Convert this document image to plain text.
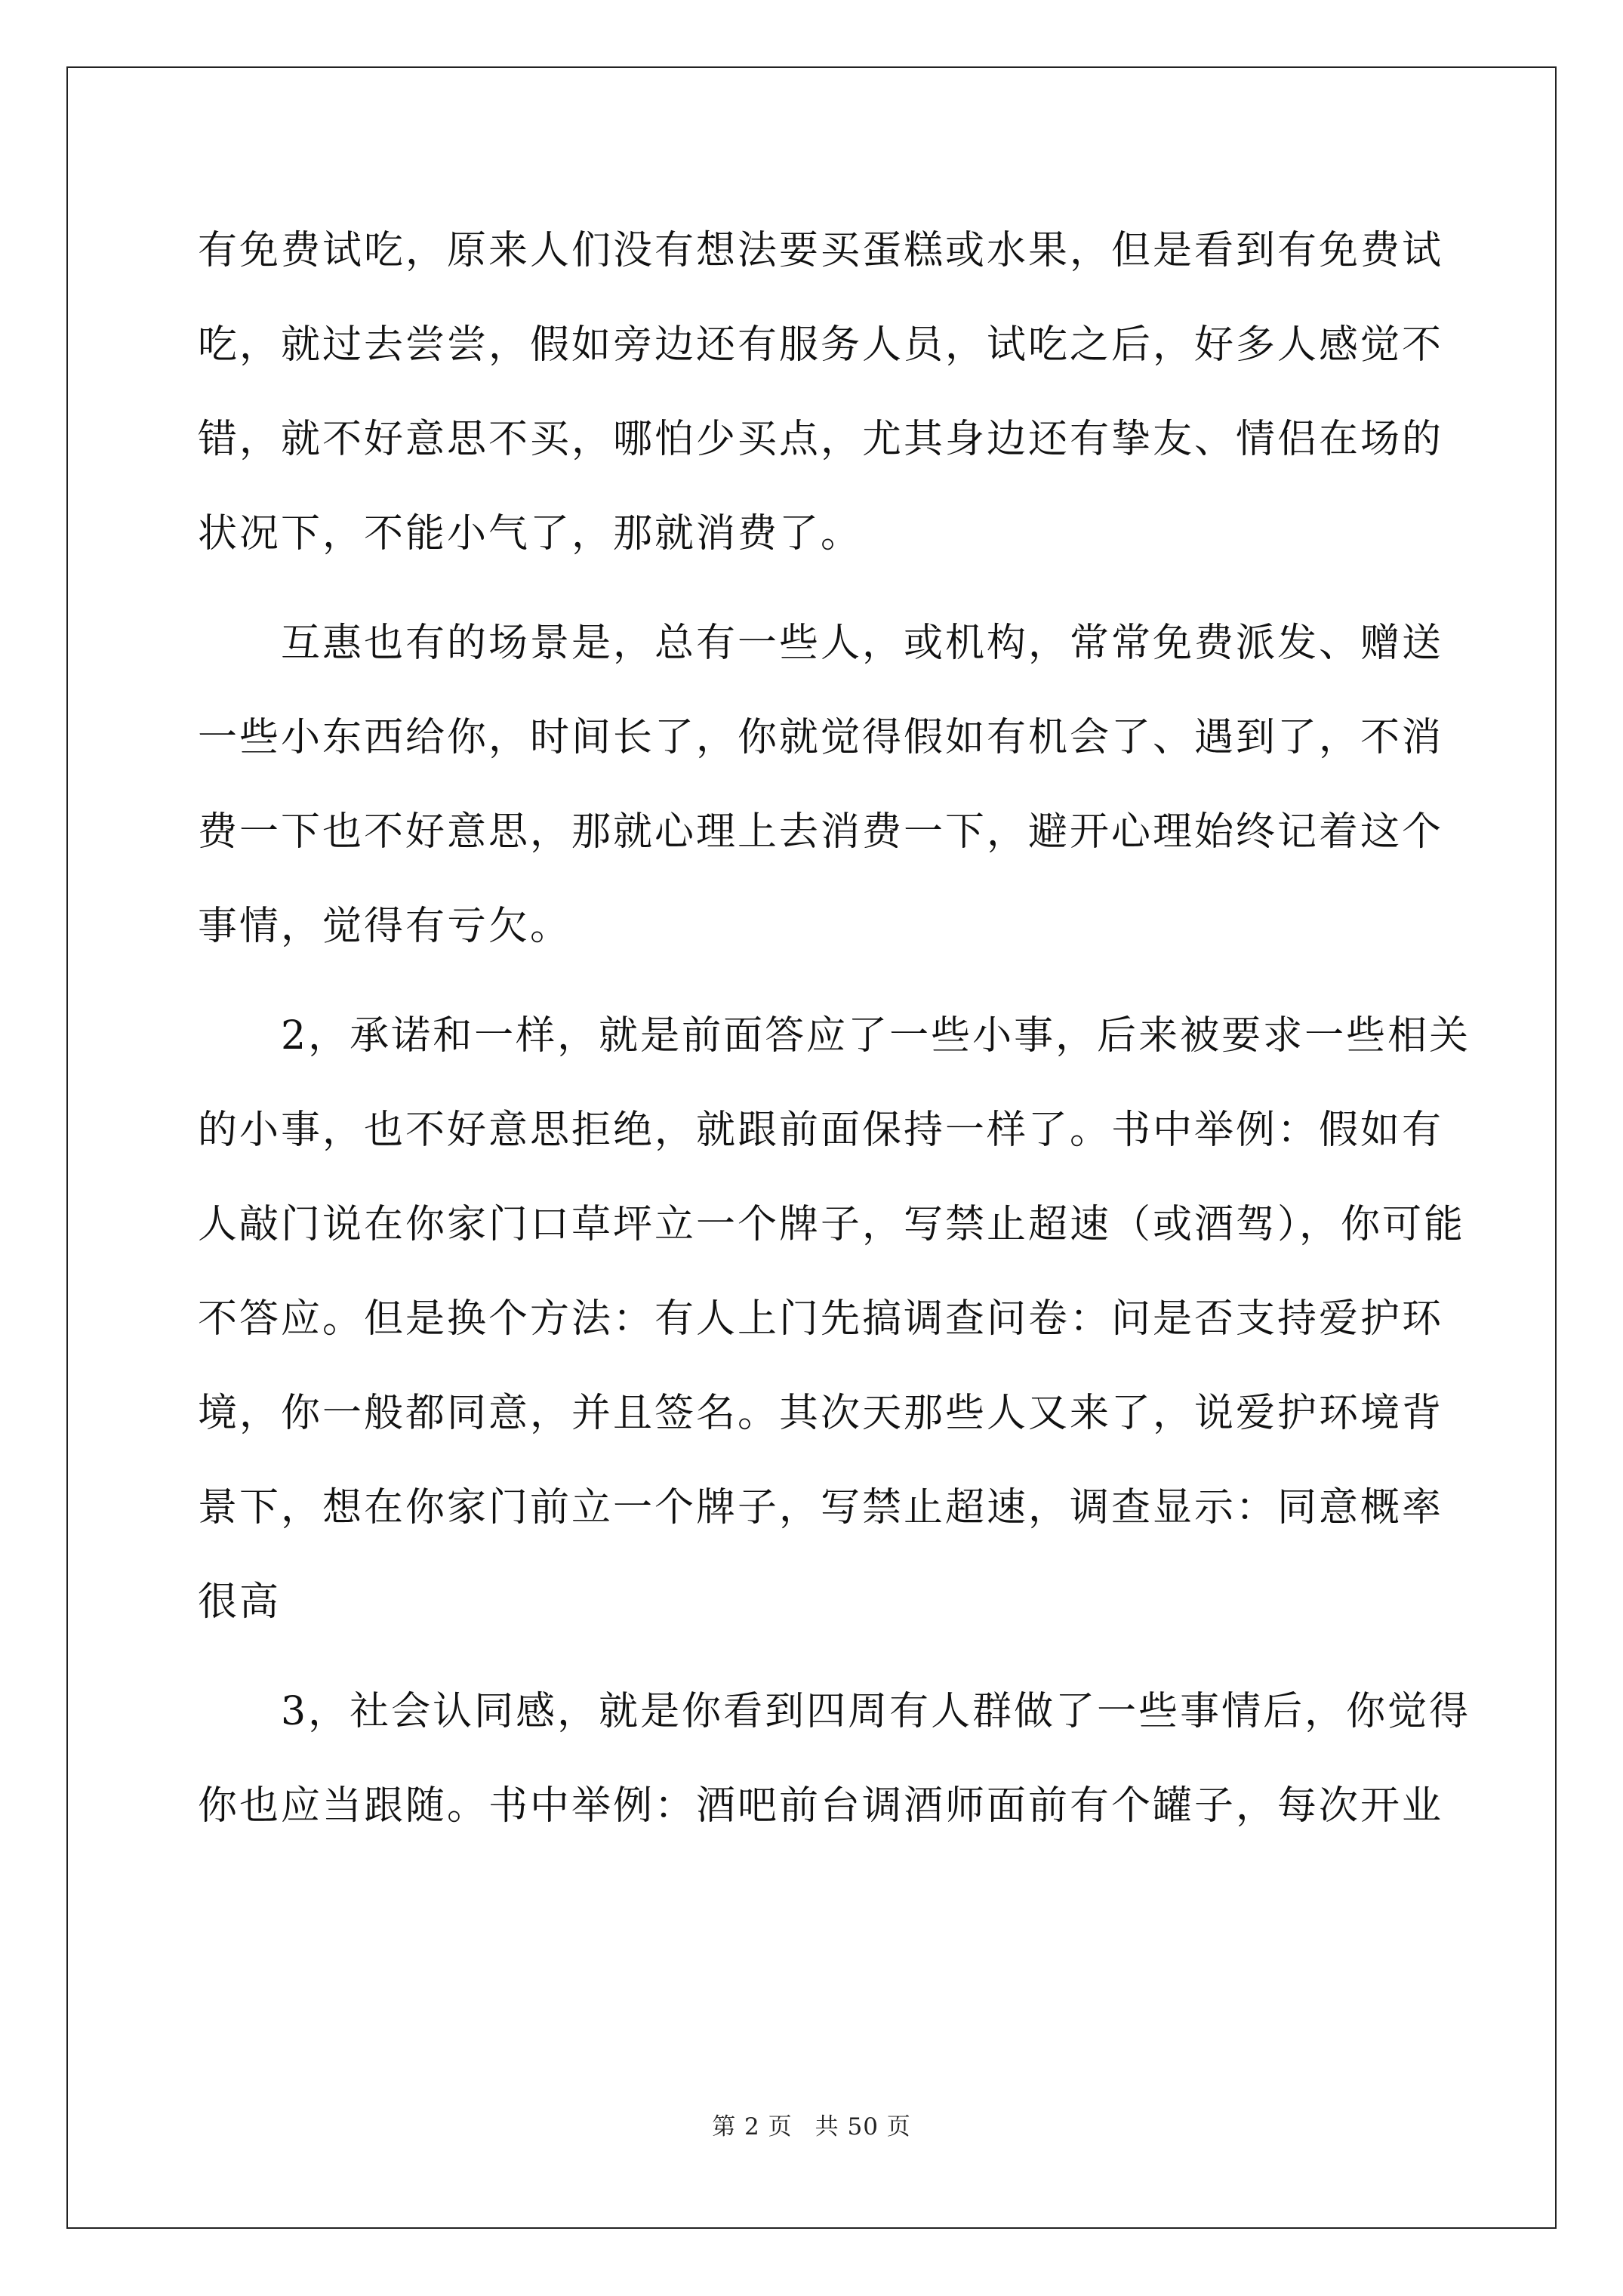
有免费试吃，原来人们没有想法要买蛋糕或水果，但是看到有免费试
吃，就过去尝尝，假如旁边还有服务人员，试吃之后，好多人感觉不
错，就不好意思不买，哪怕少买点，尤其身边还有挚友、情侣在场的
状况下，不能小气了，那就消费了。
互惠也有的场景是，总有一些人，或机构，常常免费派发、赠送
一些小东西给你，时间长了，你就觉得假如有机会了、遇到了，不消
费一下也不好意思，那就心理上去消费一下，避开心理始终记着这个
事情，觉得有亏欠。
2，承诺和一样，就是前面答应了一些小事，后来被要求一些相关
的小事，也不好意思拒绝，就跟前面保持一样了。书中举例：假如有
人敲门说在你家门口草坪立一个牌子，写禁止超速（或酒驾），你可能
不答应。但是换个方法：有人上门先搞调查问卷：问是否支持爱护环
境，你一般都同意，并且签名。其次天那些人又来了，说爱护环境背
景下，想在你家门前立一个牌子，写禁止超速，调查显示：同意概率
很高
3，社会认同感，就是你看到四周有人群做了一些事情后，你觉得
你也应当跟随。书中举例：酒吧前台调酒师面前有个罐子，每次开业
第 2 页 共 50 页
